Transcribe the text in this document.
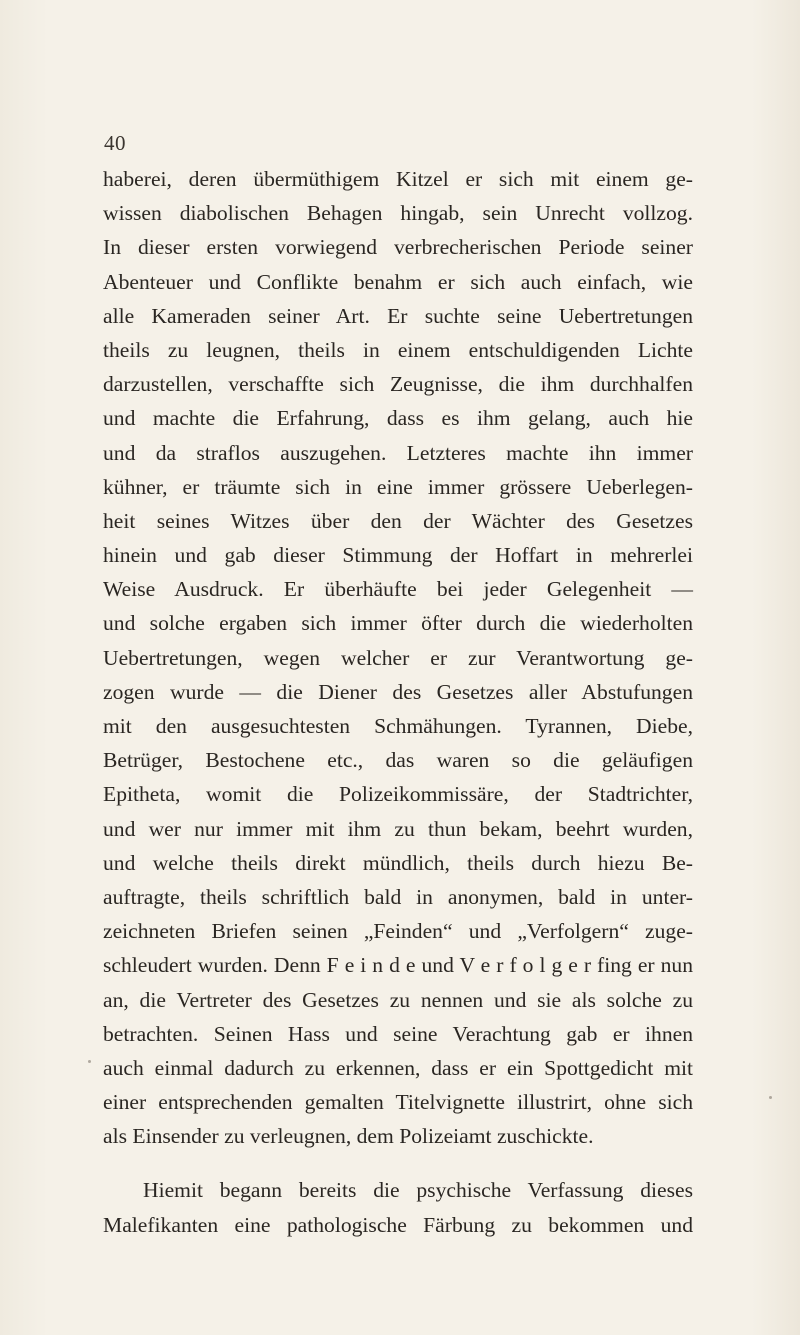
40
haberei, deren übermüthigem Kitzel er sich mit einem ge-
wissen diabolischen Behagen hingab, sein Unrecht vollzog.
In dieser ersten vorwiegend verbrecherischen Periode seiner
Abenteuer und Conflikte benahm er sich auch einfach, wie
alle Kameraden seiner Art. Er suchte seine Uebertretungen
theils zu leugnen, theils in einem entschuldigenden Lichte
darzustellen, verschaffte sich Zeugnisse, die ihm durchhalfen
und machte die Erfahrung, dass es ihm gelang, auch hie
und da straflos auszugehen. Letzteres machte ihn immer
kühner, er träumte sich in eine immer grössere Ueberlegen-
heit seines Witzes über den der Wächter des Gesetzes
hinein und gab dieser Stimmung der Hoffart in mehrerlei
Weise Ausdruck. Er überhäufte bei jeder Gelegenheit —
und solche ergaben sich immer öfter durch die wiederholten
Uebertretungen, wegen welcher er zur Verantwortung ge-
zogen wurde — die Diener des Gesetzes aller Abstufungen
mit den ausgesuchtesten Schmähungen. Tyrannen, Diebe,
Betrüger, Bestochene etc., das waren so die geläufigen
Epitheta, womit die Polizeikommissäre, der Stadtrichter,
und wer nur immer mit ihm zu thun bekam, beehrt wurden,
und welche theils direkt mündlich, theils durch hiezu Be-
auftragte, theils schriftlich bald in anonymen, bald in unter-
zeichneten Briefen seinen „Feinden“ und „Verfolgern“ zuge-
schleudert wurden. Denn F e i n d e und V e r f o l g e r fing er nun
an, die Vertreter des Gesetzes zu nennen und sie als solche zu
betrachten. Seinen Hass und seine Verachtung gab er ihnen
auch einmal dadurch zu erkennen, dass er ein Spottgedicht mit
einer entsprechenden gemalten Titelvignette illustrirt, ohne sich
als Einsender zu verleugnen, dem Polizeiamt zuschickte.
Hiemit begann bereits die psychische Verfassung dieses
Malefikanten eine pathologische Färbung zu bekommen und
